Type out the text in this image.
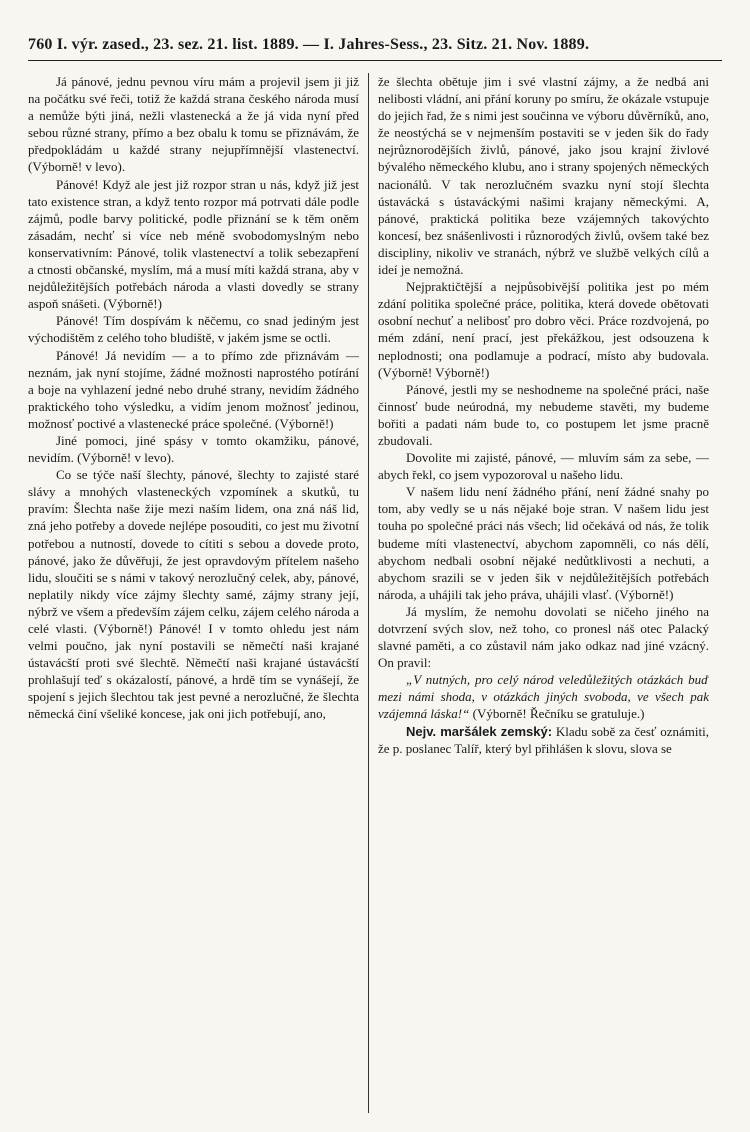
760 I. výr. zased., 23. sez. 21. list. 1889. — I. Jahres-Sess., 23. Sitz. 21. Nov. 1889.

Já pánové, jednu pevnou víru mám a projevil jsem ji již na počátku své řeči, totiž že každá strana českého národa musí a nemůže býti jiná, nežli vlastenecká a že já vida nyní před sebou různé strany, přímo a bez obalu k tomu se přiznávám, že předpokládám u každé strany nejupřímnější vlastenectví. (Výborně! v levo).

Pánové! Když ale jest již rozpor stran u nás, když již jest tato existence stran, a když tento rozpor má potrvati dále podle zájmů, podle barvy politické, podle přiznání se k těm oněm zásadám, nechť si více neb méně svobodomyslným nebo konservativním: Pánové, tolik vlastenectví a tolik sebezapření a ctnosti občanské, myslím, má a musí míti každá strana, aby v nejdůležitějších potřebách národa a vlasti dovedly se strany aspoň snášeti. (Výborně!)

Pánové! Tím dospívám k něčemu, co snad jediným jest východištěm z celého toho bludiště, v jakém jsme se octli.

Pánové! Já nevidím — a to přímo zde přiznávám — neznám, jak nyní stojíme, žádné možnosti naprostého potírání a boje na vyhlazení jedné nebo druhé strany, nevidím žádného praktického toho výsledku, a vidím jenom možnosť jedinou, možnosť poctivé a vlastenecké práce společné. (Výborně!)

Jiné pomoci, jiné spásy v tomto okamžiku, pánové, nevidím. (Výborně! v levo).

Co se týče naší šlechty, pánové, šlechty to zajisté staré slávy a mnohých vlasteneckých vzpomínek a skutků, tu pravím: Šlechta naše žije mezi naším lidem, ona zná náš lid, zná jeho potřeby a dovede nejlépe posouditi, co jest mu životní potřebou a nutností, dovede to cítiti s sebou a dovede proto, pánové, jako že důvěřuji, že jest opravdovým přítelem našeho lidu, sloučiti se s námi v takový nerozlučný celek, aby, pánové, neplatily nikdy více zájmy šlechty samé, zájmy strany její, nýbrž ve všem a především zájem celku, zájem celého národa a celé vlasti. (Výborně!) Pánové! I v tomto ohledu jest nám velmi poučno, jak nyní postavili se němečtí naši krajané ústavácští proti své šlechtě. Němečtí naši krajané ústavácští prohlašují teď s okázalostí, pánové, a hrdě tím se vynášejí, že spojení s jejich šlechtou tak jest pevné a nerozlučné, že šlechta německá činí všeliké koncese, jak oni jich potřebují, ano,

že šlechta obětuje jim i své vlastní zájmy, a že nedbá ani nelibosti vládní, ani přání koruny po smíru, že okázale vstupuje do jejich řad, že s nimi jest součinna ve výboru důvěrníků, ano, že neostýchá se v nejmenším postaviti se v jeden šik do řady nejrůznorodějších živlů, pánové, jako jsou krajní živlové bývalého německého klubu, ano i strany spojených německých nacionálů. V tak nerozlučném svazku nyní stojí šlechta ústavácká s ústaváckými našimi krajany německými. A, pánové, praktická politika beze vzájemných takovýchto koncesí, bez snášenlivosti i různorodých živlů, ovšem také bez discipliny, nikoliv ve stranách, nýbrž ve službě velkých cílů a ideí je nemožná.

Nejpraktičtější a nejpůsobivější politika jest po mém zdání politika společné práce, politika, která dovede obětovati osobní nechuť a nelibosť pro dobro věci. Práce rozdvojená, po mém zdání, není prací, jest překážkou, jest odsouzena k neplodnosti; ona podlamuje a podrací, místo aby budovala. (Výborně! Výborně!)

Pánové, jestli my se neshodneme na společné práci, naše činnosť bude neúrodná, my nebudeme stavěti, my budeme bořiti a padati nám bude to, co postupem let jsme pracně zbudovali.

Dovolite mi zajisté, pánové, — mluvím sám za sebe, — abych řekl, co jsem vypozoroval u našeho lidu.

V našem lidu není žádného přání, není žádné snahy po tom, aby vedly se u nás nějaké boje stran. V našem lidu jest touha po společné práci nás všech; lid očekává od nás, že tolik budeme míti vlastenectví, abychom zapomněli, co nás dělí, abychom nedbali osobní nějaké nedůtklivosti a nechuti, a abychom srazili se v jeden šik v nejdůležitějších potřebách národa, a uhájili tak jeho práva, uhájili vlasť. (Výborně!)

Já myslím, že nemohu dovolati se ničeho jiného na dotvrzení svých slov, než toho, co pronesl náš otec Palacký slavné paměti, a co zůstavil nám jako odkaz nad jiné vzácný. On pravil:

„V nutných, pro celý národ veledůležitých otázkách buď mezi námi shoda, v otázkách jiných svoboda, ve všech pak vzájemná láska!“ (Výborně! Řečníku se gratuluje.)

Nejv. maršálek zemský: Kladu sobě za česť oznámiti, že p. poslanec Talíř, který byl přihlášen k slovu, slova se
